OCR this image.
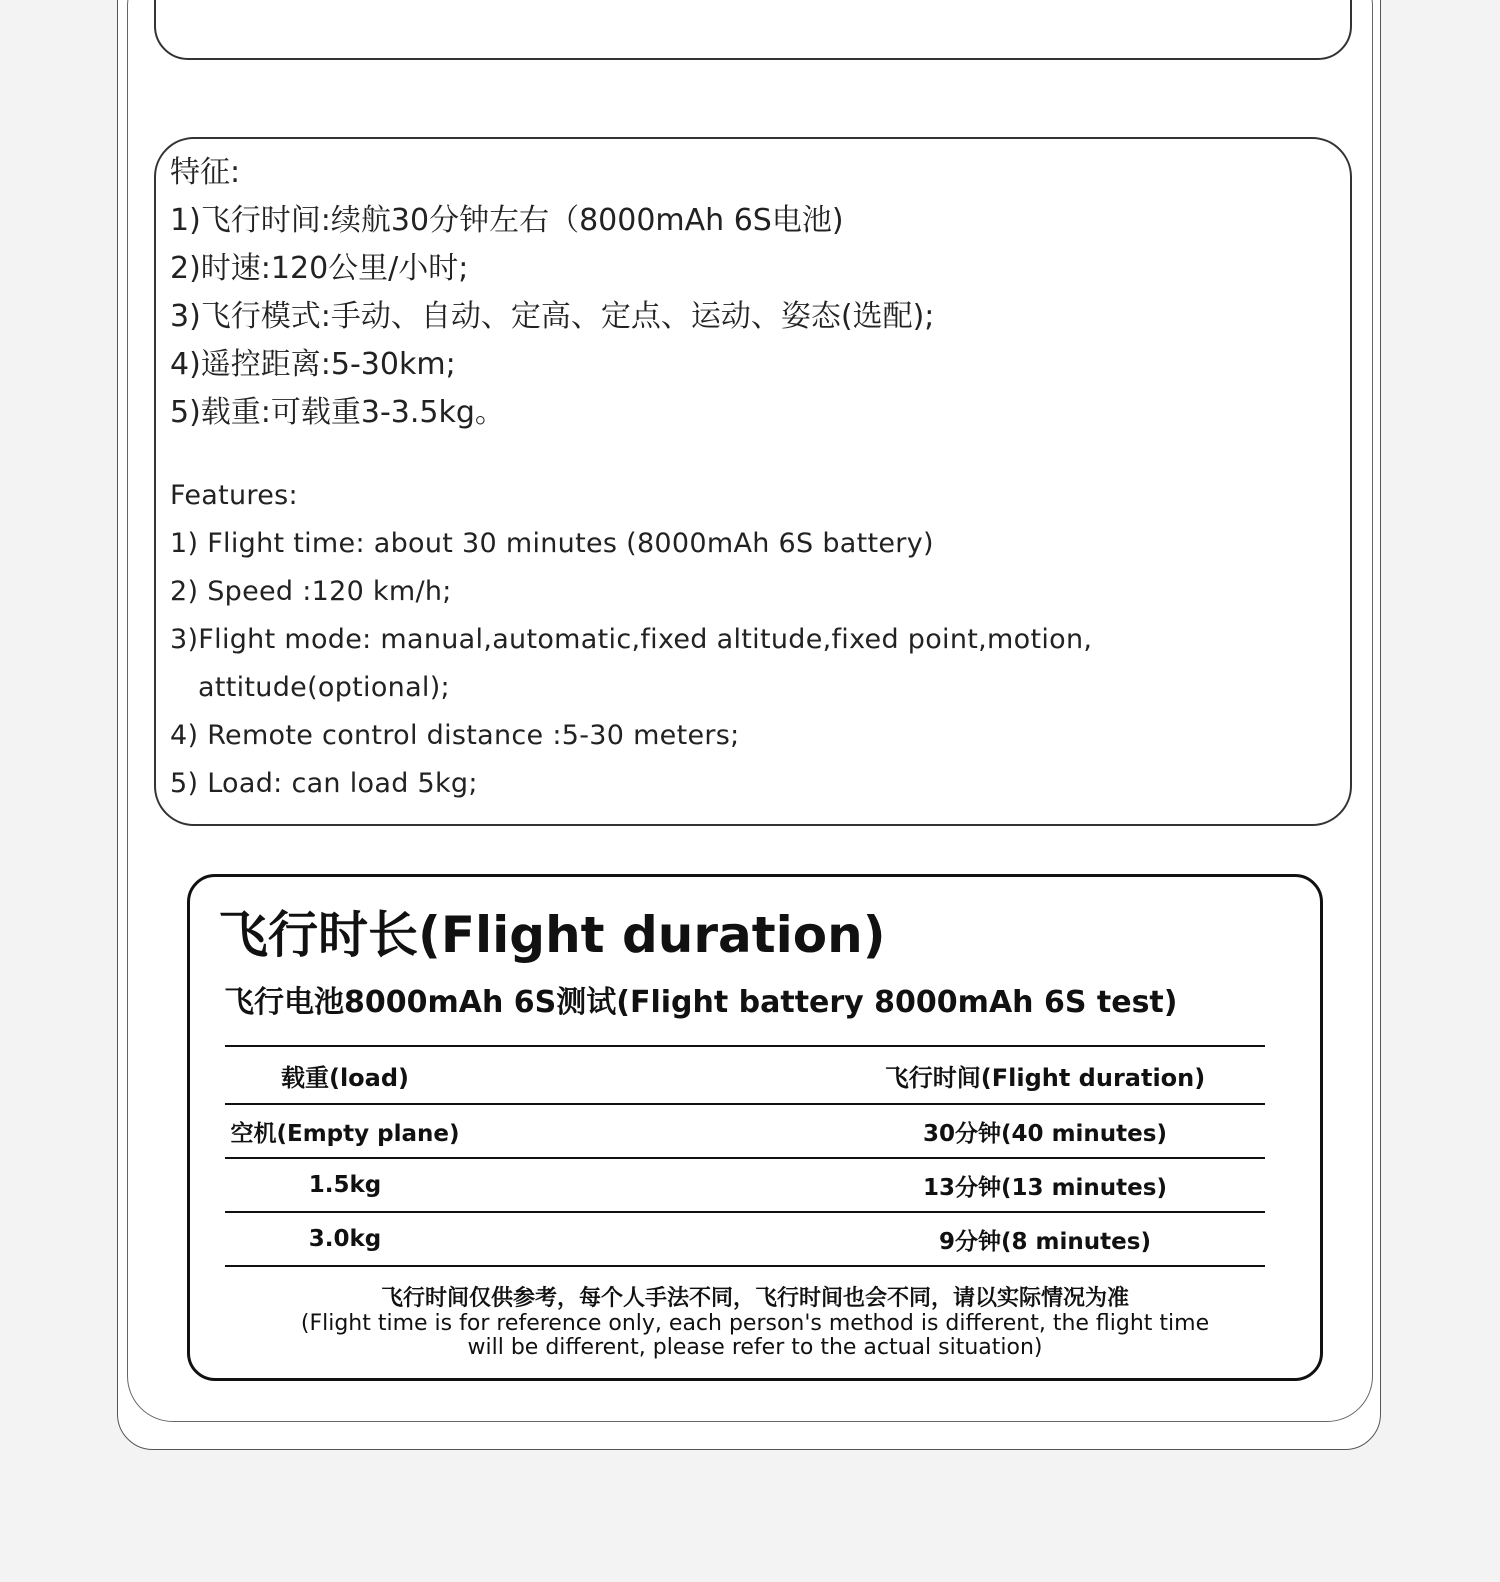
特征:
1)飞行时间:续航30分钟左右（8000mAh 6S电池)
2)时速:120公里/小时;
3)飞行模式:手动、自动、定高、定点、运动、姿态(选配);
4)遥控距离:5-30km;
5)载重:可载重3-3.5kg。
Features:
1) Flight time: about 30 minutes (8000mAh 6S battery)
2) Speed :120 km/h;
3)Flight mode: manual,automatic,fixed altitude,fixed point,motion,
attitude(optional);
4) Remote control distance :5-30 meters;
5) Load: can load 5kg;
飞行时长(Flight duration)
飞行电池8000mAh 6S测试(Flight battery 8000mAh 6S test)
载重(load)	飞行时间(Flight duration)
空机(Empty plane)	30分钟(40 minutes)
1.5kg	13分钟(13 minutes)
3.0kg	9分钟(8 minutes)
飞行时间仅供参考，每个人手法不同，飞行时间也会不同，请以实际情况为准
(Flight time is for reference only, each person's method is different, the flight time
will be different, please refer to the actual situation)
